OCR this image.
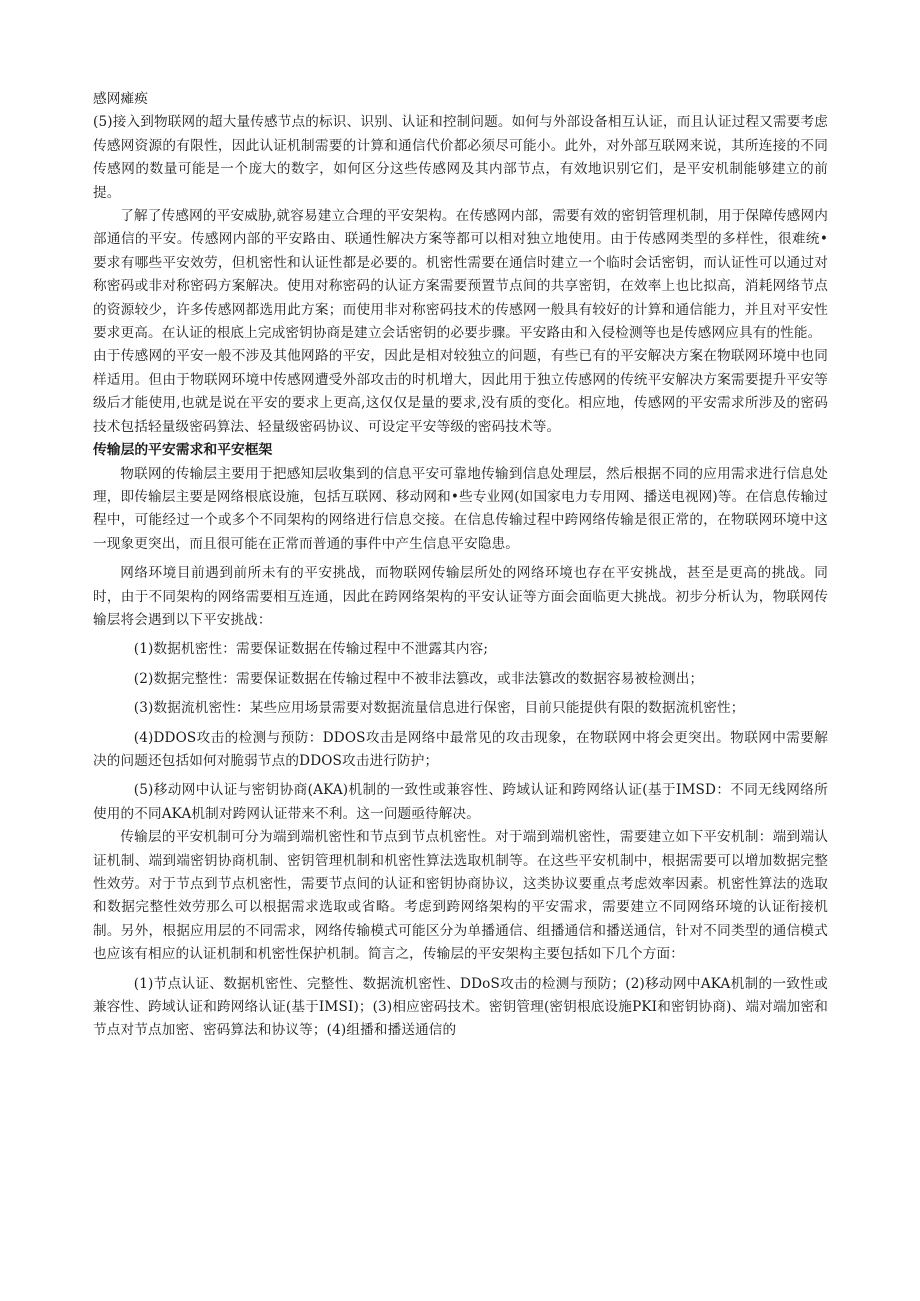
感网瘫痪

(5)接入到物联网的超大量传感节点的标识、识别、认证和控制问题。如何与外部设备相互认证，而且认证过程又需要考虑传感网资源的有限性，因此认证机制需要的计算和通信代价都必须尽可能小。此外，对外部互联网来说，其所连接的不同传感网的数量可能是一个庞大的数字，如何区分这些传感网及其内部节点，有效地识别它们，是平安机制能够建立的前提。

了解了传感网的平安威胁,就容易建立合理的平安架构。在传感网内部，需要有效的密钥管理机制，用于保障传感网内部通信的平安。传感网内部的平安路由、联通性解决方案等都可以相对独立地使用。由于传感网类型的多样性，很难统•要求有哪些平安效劳，但机密性和认证性都是必要的。机密性需要在通信时建立一个临时会话密钥，而认证性可以通过对称密码或非对称密码方案解决。使用对称密码的认证方案需要预置节点间的共享密钥，在效率上也比拟高，消耗网络节点的资源较少，许多传感网都选用此方案；而使用非对称密码技术的传感网一般具有较好的计算和通信能力，并且对平安性要求更高。在认证的根底上完成密钥协商是建立会话密钥的必要步骤。平安路由和入侵检测等也是传感网应具有的性能。

由于传感网的平安一般不涉及其他网路的平安，因此是相对较独立的问题，有些已有的平安解决方案在物联网环境中也同样适用。但由于物联网环境中传感网遭受外部攻击的时机增大，因此用于独立传感网的传统平安解决方案需要提升平安等级后才能使用,也就是说在平安的要求上更高,这仅仅是量的要求,没有质的变化。相应地，传感网的平安需求所涉及的密码技术包括轻量级密码算法、轻量级密码协议、可设定平安等级的密码技术等。

传输层的平安需求和平安框架

物联网的传输层主要用于把感知层收集到的信息平安可靠地传输到信息处理层，然后根据不同的应用需求进行信息处理，即传输层主要是网络根底设施，包括互联网、移动网和•些专业网(如国家电力专用网、播送电视网)等。在信息传输过程中，可能经过一个或多个不同架构的网络进行信息交接。在信息传输过程中跨网络传输是很正常的，在物联网环境中这一现象更突出，而且很可能在正常而普通的事件中产生信息平安隐患。

网络环境目前遇到前所未有的平安挑战，而物联网传输层所处的网络环境也存在平安挑战，甚至是更高的挑战。同时，由于不同架构的网络需要相互连通，因此在跨网络架构的平安认证等方面会面临更大挑战。初步分析认为，物联网传输层将会遇到以下平安挑战：

(1)数据机密性：需要保证数据在传输过程中不泄露其内容;

(2)数据完整性：需要保证数据在传输过程中不被非法篡改，或非法篡改的数据容易被检测出；

(3)数据流机密性：某些应用场景需要对数据流量信息进行保密，目前只能提供有限的数据流机密性；

(4)DDOS攻击的检测与预防：DDOS攻击是网络中最常见的攻击现象，在物联网中将会更突出。物联网中需要解决的问题还包括如何对脆弱节点的DDOS攻击进行防护；

(5)移动网中认证与密钥协商(AKA)机制的一致性或兼容性、跨域认证和跨网络认证(基于IMSD：不同无线网络所使用的不同AKA机制对跨网认证带来不利。这一问题亟待解决。

传输层的平安机制可分为端到端机密性和节点到节点机密性。对于端到端机密性，需要建立如下平安机制：端到端认证机制、端到端密钥协商机制、密钥管理机制和机密性算法选取机制等。在这些平安机制中，根据需要可以增加数据完整性效劳。对于节点到节点机密性，需要节点间的认证和密钥协商协议，这类协议要重点考虑效率因素。机密性算法的选取和数据完整性效劳那么可以根据需求选取或省略。考虑到跨网络架构的平安需求，需要建立不同网络环境的认证衔接机制。另外，根据应用层的不同需求，网络传输模式可能区分为单播通信、组播通信和播送通信，针对不同类型的通信模式也应该有相应的认证机制和机密性保护机制。简言之，传输层的平安架构主要包括如下几个方面：

(1)节点认证、数据机密性、完整性、数据流机密性、DDoS攻击的检测与预防；(2)移动网中AKA机制的一致性或兼容性、跨域认证和跨网络认证(基于IMSI)；(3)相应密码技术。密钥管理(密钥根底设施PKI和密钥协商)、端对端加密和节点对节点加密、密码算法和协议等；(4)组播和播送通信的
